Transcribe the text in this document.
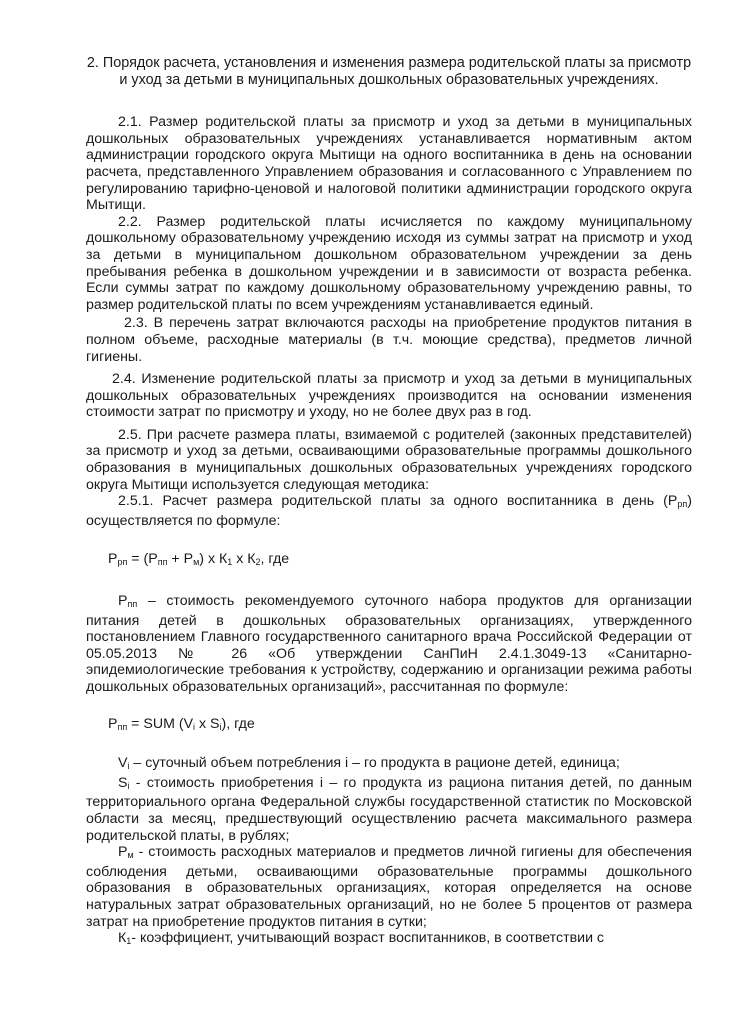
2. Порядок расчета, установления и изменения размера родительской платы за присмотр и уход за детьми в муниципальных дошкольных образовательных учреждениях.

2.1. Размер родительской платы за присмотр и уход за детьми в муниципальных дошкольных образовательных учреждениях устанавливается нормативным актом администрации городского округа Мытищи на одного воспитанника в день на основании расчета, представленного Управлением образования и согласованного с Управлением по регулированию тарифно-ценовой и налоговой политики администрации городского округа Мытищи.

2.2. Размер родительской платы исчисляется по каждому муниципальному дошкольному образовательному учреждению исходя из суммы затрат на присмотр и уход за детьми в муниципальном дошкольном образовательном учреждении за день пребывания ребенка в дошкольном учреждении и в зависимости от возраста ребенка. Если суммы затрат по каждому дошкольному образовательному учреждению равны, то размер родительской платы по всем учреждениям устанавливается единый.

2.3. В перечень затрат включаются расходы на приобретение продуктов питания в полном объеме, расходные материалы (в т.ч. моющие средства), предметов личной гигиены.

2.4. Изменение родительской платы за присмотр и уход за детьми в муниципальных дошкольных образовательных учреждениях производится на основании изменения стоимости затрат по присмотру и уходу, но не более двух раз в год.

2.5. При расчете размера платы, взимаемой с родителей (законных представителей) за присмотр и уход за детьми, осваивающими образовательные программы дошкольного образования в муниципальных дошкольных образовательных учреждениях городского округа Мытищи используется следующая методика:

2.5.1. Расчет размера родительской платы за одного воспитанника в день $(Р_{рп})$ осуществляется по формуле:

$Р_{рп} = (Р_{пп} + Р_м)$ х $К_1$ х $К_2$, где

$Р_{пп}$ – стоимость рекомендуемого суточного набора продуктов для организации питания детей в дошкольных образовательных организациях, утвержденного постановлением Главного государственного санитарного врача Российской Федерации от 05.05.2013 № 26 «Об утверждении СанПиН 2.4.1.3049-13 «Санитарно-эпидемиологические требования к устройству, содержанию и организации режима работы дошкольных образовательных организаций», рассчитанная по формуле:

$Р_{пп}$ = SUM ($V_i$ х $S_i$), где

$V_i$ – суточный объем потребления i – го продукта в рационе детей, единица;

$S_i$ - стоимость приобретения i – го продукта из рациона питания детей, по данным территориального органа Федеральной службы государственной статистик по Московской области за месяц, предшествующий осуществлению расчета максимального размера родительской платы, в рублях;

$Р_м$ - стоимость расходных материалов и предметов личной гигиены для обеспечения соблюдения детьми, осваивающими образовательные программы дошкольного образования в образовательных организациях, которая определяется на основе натуральных затрат образовательных организаций, но не более 5 процентов от размера затрат на приобретение продуктов питания в сутки;

$К_1-$ коэффициент, учитывающий возраст воспитанников, в соответствии с
